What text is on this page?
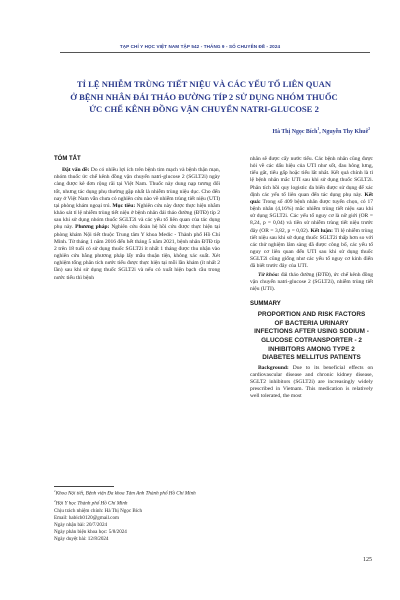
TẠP CHÍ Y HỌC VIỆT NAM TẬP 542 - THÁNG 9 - SỐ CHUYÊN ĐỀ - 2024
TỈ LỆ NHIỄM TRÙNG TIẾT NIỆU VÀ CÁC YẾU TỐ LIÊN QUAN
Ở BỆNH NHÂN ĐÁI THÁO ĐƯỜNG TÍP 2 SỬ DỤNG NHÓM THUỐC
ỨC CHẾ KÊNH ĐỒNG VẬN CHUYỂN NATRI-GLUCOSE 2
Hà Thị Ngọc Bích$^1$, Nguyễn Thy Khuê$^2$
TÓM TẮT

Đặt vấn đề: Do có nhiều lợi ích trên bệnh tim mạch và bệnh thận mạn, nhóm thuốc ức chế kênh đồng vận chuyển natri-glucose 2 (SGLT2i) ngày càng được kê đơn rộng rãi tại Việt Nam. Thuốc này dung nạp tương đối tốt, nhưng tác dụng phụ thường gặp nhất là nhiễm trùng niệu dục. Cho đến nay ở Việt Nam vẫn chưa có nghiên cứu nào về nhiễm trùng tiết niệu (UTI) tại phòng khám ngoại trú. Mục tiêu: Nghiên cứu này được thực hiện nhằm khảo sát tỉ lệ nhiễm trùng tiết niệu ở bệnh nhân đái tháo đường (ĐTĐ) típ 2 sau khi sử dụng nhóm thuốc SGLT2i và các yếu tố liên quan của tác dụng phụ này. Phương pháp: Nghiên cứu đoàn hệ hồi cứu được thực hiện tại phòng khám Nội tiết thuộc Trung tâm Y khoa Medic - Thành phố Hồ Chí Minh. Từ tháng 1 năm 2016 đến hết tháng 5 năm 2021, bệnh nhân ĐTĐ típ 2 trên 18 tuổi có sử dụng thuốc SGLT2i ít nhất 1 tháng được thu nhận vào nghiên cứu bằng phương pháp lấy mẫu thuận tiện, không xác suất. Xét nghiệm tổng phân tích nước tiểu được thực hiện tại mỗi lần khám (ít nhất 2 lần) sau khi sử dụng thuốc SGLT2i và nếu có xuất hiện bạch cầu trong nước tiểu thì bệnh

$^1$Khoa Nội tiết, Bệnh viện Đa khoa Tâm Anh Thành phố Hồ Chí Minh
$^2$Hội Y học Thành phố Hồ Chí Minh
Chịu trách nhiệm chính: Hà Thị Ngọc Bích
Email: habich0120@gmail.com
Ngày nhận bài: 20/7/2024
Ngày phản biện khoa học: 5/8/2024
Ngày duyệt bài: 12/8/2024

nhân sẽ được cấy nước tiểu. Các bệnh nhân cũng được hỏi về các dấu hiệu của UTI như sốt, đau hông lưng, tiểu gắt, tiểu gấp hoặc tiểu lắt nhắt. Kết quả chính là tỉ lệ bệnh nhân mắc UTI sau khi sử dụng thuốc SGLT2i. Phân tích hồi quy logistic đa biến được sử dụng để xác định các yếu tố liên quan đến tác dụng phụ này. Kết quả: Trong số 409 bệnh nhân được tuyển chọn, có 17 bệnh nhân (4,16%) mắc nhiễm trùng tiết niệu sau khi sử dụng SGLT2i. Các yếu tố nguy cơ là nữ giới (OR = 8,24, p = 0,04) và tiền sử nhiễm trùng tiết niệu trước đây (OR = 3,82, p = 0,02). Kết luận: Tỉ lệ nhiễm trùng tiết niệu sau khi sử dụng thuốc SGLT2i thấp hơn so với các thử nghiệm lâm sàng đã được công bố, các yếu tố nguy cơ liên quan đến UTI sau khi sử dụng thuốc SGLT2i cũng giống như các yếu tố nguy cơ kinh điển đã biết trước đây của UTI.

Từ khóa: đái tháo đường (ĐTĐ), ức chế kênh đồng vận chuyển natri-glucose 2 (SGLT2i), nhiễm trùng tiết niệu (UTI).

SUMMARY
PROPORTION AND RISK FACTORS
OF BACTERIA URINARY
INFECTIONS AFTER USING SODIUM -
GLUCOSE COTRANSPORTER - 2
INHIBITORS AMONG TYPE 2
DIABETES MELLITUS PATIENTS

Background: Due to its beneficial effects on cardiovascular disease and chronic kidney disease, SGLT2 inhibitors (SGLT2i) are increasingly widely prescribed in Vietnam. This medication is relatively well tolerated, the most

125
